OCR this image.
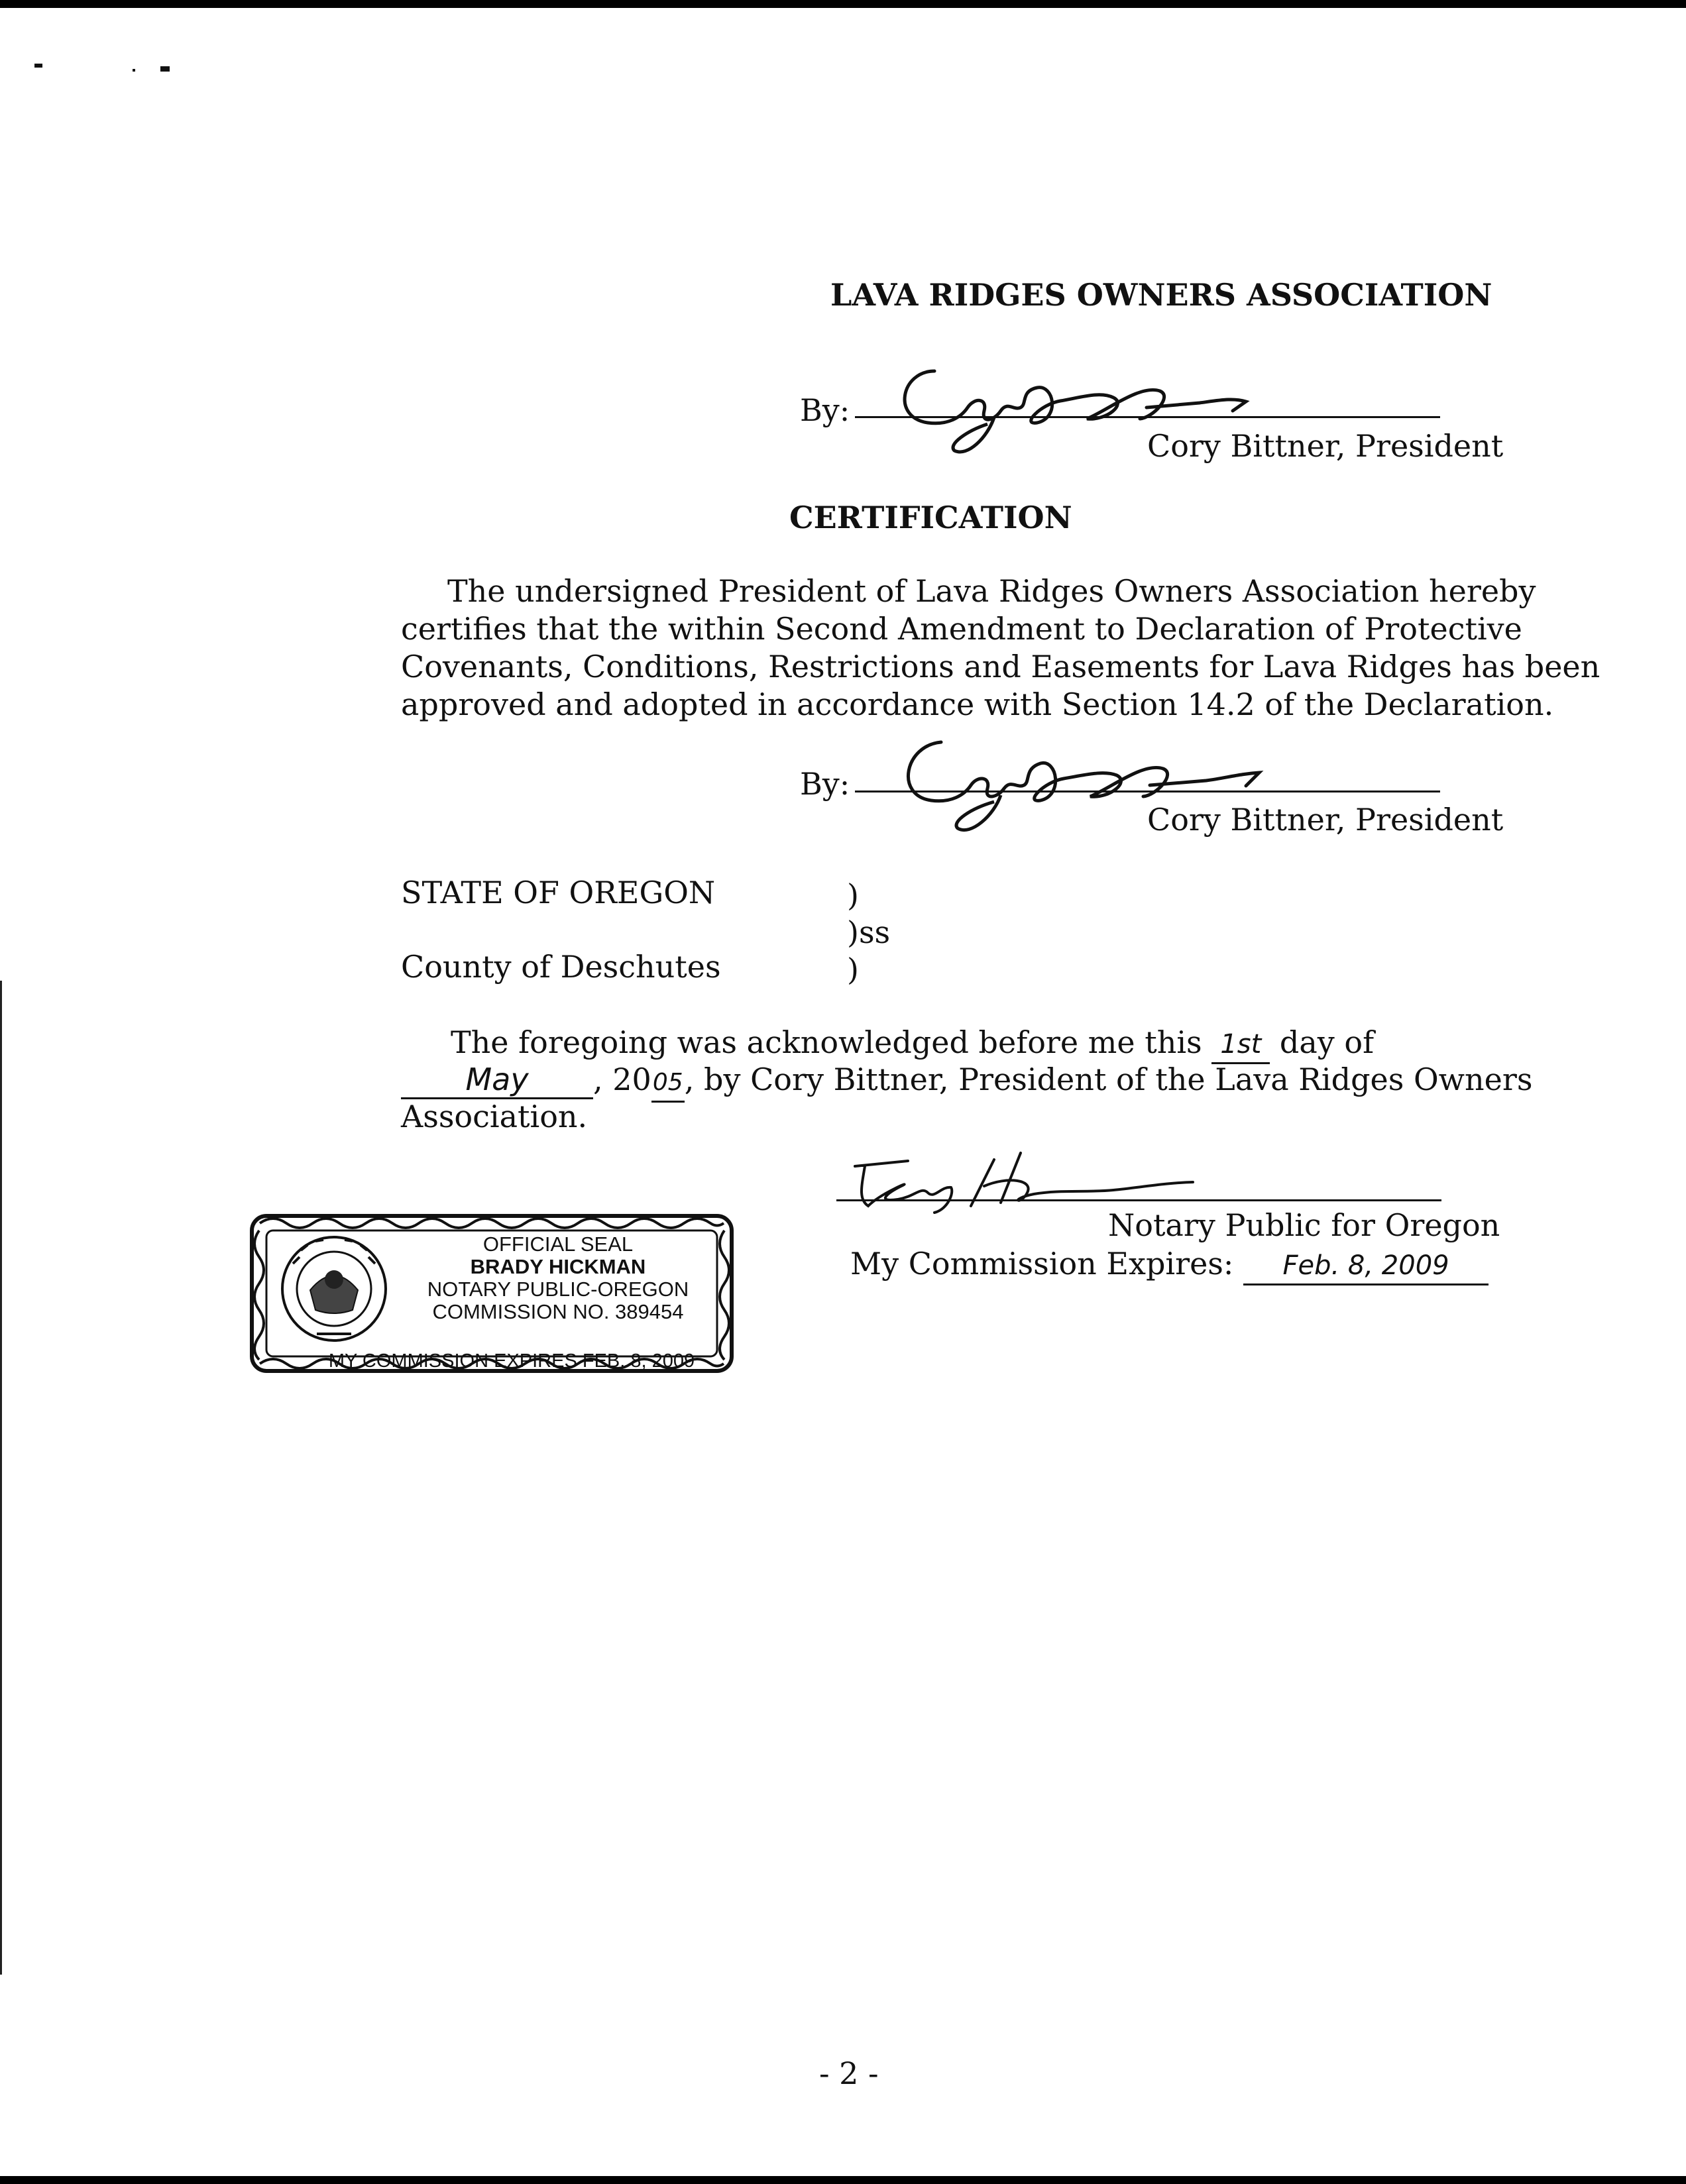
LAVA RIDGES OWNERS ASSOCIATION
By:
Cory Bittner, President
CERTIFICATION
The undersigned President of Lava Ridges Owners Association hereby
certifies that the within Second Amendment to Declaration of Protective
Covenants, Conditions, Restrictions and Easements for Lava Ridges has been
approved and adopted in accordance with Section 14.2 of the Declaration.
By:
Cory Bittner, President
STATE OF OREGON	)
)ss
County of Deschutes	)
The foregoing was acknowledged before me this 1st day of
May , 2005, by Cory Bittner, President of the Lava Ridges Owners
Association.
Notary Public for Oregon
My Commission Expires: Feb. 8, 2009
OFFICIAL SEAL
BRADY HICKMAN
NOTARY PUBLIC-OREGON
COMMISSION NO. 389454
MY COMMISSION EXPIRES FEB. 8, 2009
- 2 -
